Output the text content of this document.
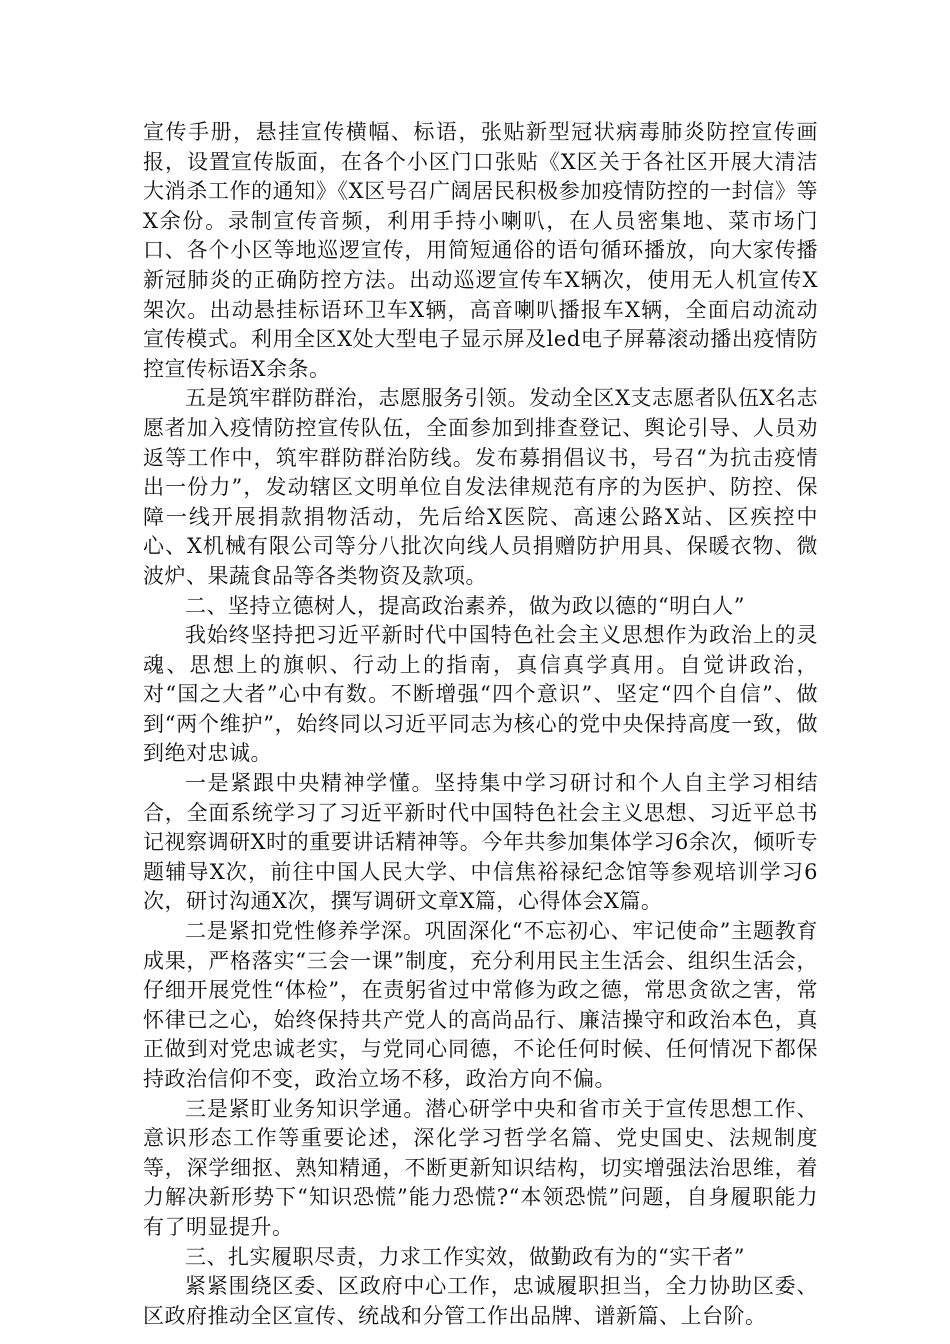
宣传手册，悬挂宣传横幅、标语，张贴新型冠状病毒肺炎防控宣传画报，设置宣传版面，在各个小区门口张贴《X区关于各社区开展大清洁大消杀工作的通知》《X区号召广阔居民积极参加疫情防控的一封信》等X余份。录制宣传音频，利用手持小喇叭，在人员密集地、菜市场门口、各个小区等地巡逻宣传，用简短通俗的语句循环播放，向大家传播新冠肺炎的正确防控方法。出动巡逻宣传车X辆次，使用无人机宣传X架次。出动悬挂标语环卫车X辆，高音喇叭播报车X辆，全面启动流动宣传模式。利用全区X处大型电子显示屏及led电子屏幕滚动播出疫情防控宣传标语X余条。

五是筑牢群防群治，志愿服务引领。发动全区X支志愿者队伍X名志愿者加入疫情防控宣传队伍，全面参加到排查登记、舆论引导、人员劝返等工作中，筑牢群防群治防线。发布募捐倡议书，号召“为抗击疫情出一份力”，发动辖区文明单位自发法律规范有序的为医护、防控、保障一线开展捐款捐物活动，先后给X医院、高速公路X站、区疾控中心、X机械有限公司等分八批次向线人员捐赠防护用具、保暖衣物、微波炉、果蔬食品等各类物资及款项。

二、坚持立德树人，提高政治素养，做为政以德的“明白人”

我始终坚持把习近平新时代中国特色社会主义思想作为政治上的灵魂、思想上的旗帜、行动上的指南，真信真学真用。自觉讲政治，对“国之大者”心中有数。不断增强“四个意识”、坚定“四个自信”、做到“两个维护”，始终同以习近平同志为核心的党中央保持高度一致，做到绝对忠诚。

一是紧跟中央精神学懂。坚持集中学习研讨和个人自主学习相结合，全面系统学习了习近平新时代中国特色社会主义思想、习近平总书记视察调研X时的重要讲话精神等。今年共参加集体学习6余次，倾听专题辅导X次，前往中国人民大学、中信焦裕禄纪念馆等参观培训学习6次，研讨沟通X次，撰写调研文章X篇，心得体会X篇。

二是紧扣党性修养学深。巩固深化“不忘初心、牢记使命”主题教育成果，严格落实“三会一课”制度，充分利用民主生活会、组织生活会，仔细开展党性“体检”，在责躬省过中常修为政之德，常思贪欲之害，常怀律已之心，始终保持共产党人的高尚品行、廉洁操守和政治本色，真正做到对党忠诚老实，与党同心同德，不论任何时候、任何情况下都保持政治信仰不变，政治立场不移，政治方向不偏。

三是紧盯业务知识学通。潜心研学中央和省市关于宣传思想工作、意识形态工作等重要论述，深化学习哲学名篇、党史国史、法规制度等，深学细抠、熟知精通，不断更新知识结构，切实增强法治思维，着力解决新形势下“知识恐慌”能力恐慌?“本领恐慌”问题，自身履职能力有了明显提升。

三、扎实履职尽责，力求工作实效，做勤政有为的“实干者”

紧紧围绕区委、区政府中心工作，忠诚履职担当，全力协助区委、区政府推动全区宣传、统战和分管工作出品牌、谱新篇、上台阶。
